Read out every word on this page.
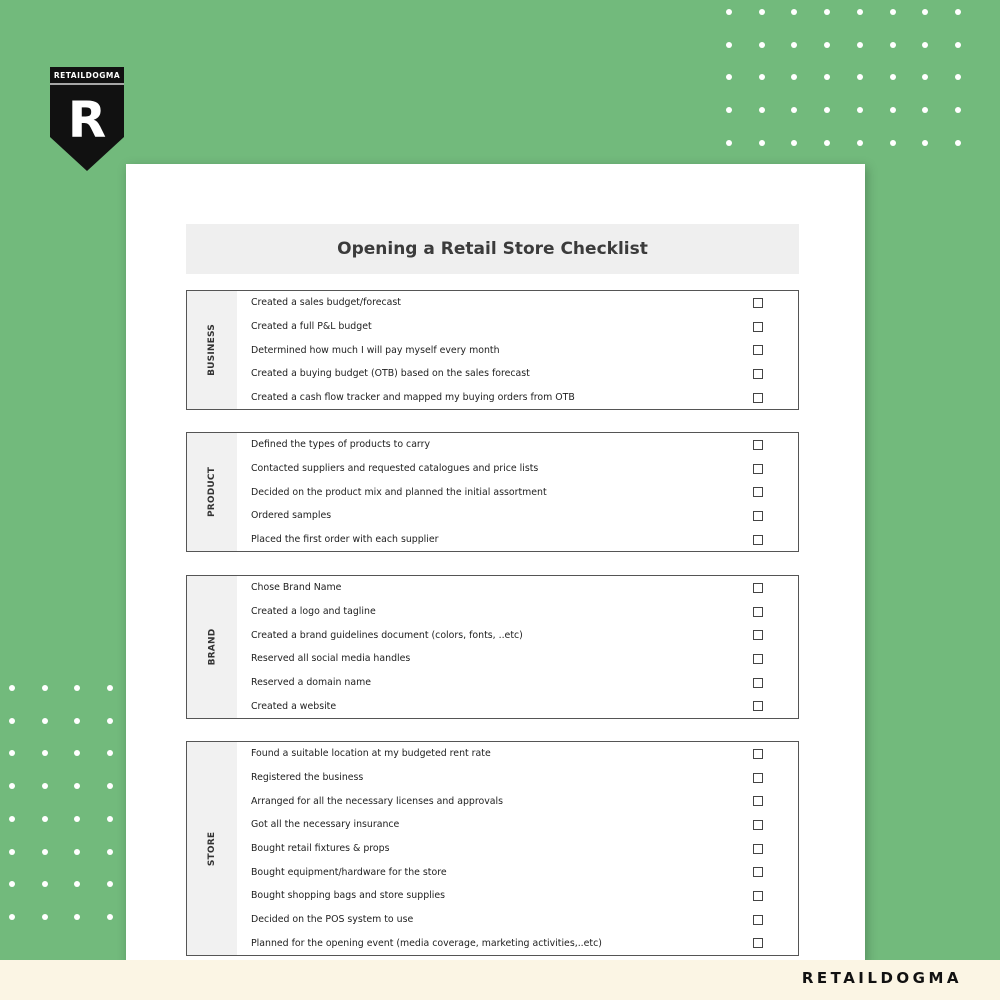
RETAILDOGMA
R
Opening a Retail Store Checklist
BUSINESS
Created a sales budget/forecast
Created a full P&L budget
Determined how much I will pay myself every month
Created a buying budget (OTB) based on the sales forecast
Created a cash flow tracker and mapped my buying orders from OTB
PRODUCT
Defined the types of products to carry
Contacted suppliers and requested catalogues and price lists
Decided on the product mix and planned the initial assortment
Ordered samples
Placed the first order with each supplier
BRAND
Chose Brand Name
Created a logo and tagline
Created a brand guidelines document (colors, fonts, ..etc)
Reserved all social media handles
Reserved a domain name
Created a website
STORE
Found a suitable location at my budgeted rent rate
Registered the business
Arranged for all the necessary licenses and approvals
Got all the necessary insurance
Bought retail fixtures & props
Bought equipment/hardware for the store
Bought shopping bags and store supplies
Decided on the POS system to use
Planned for the opening event (media coverage, marketing activities,..etc)
RETAILDOGMA
